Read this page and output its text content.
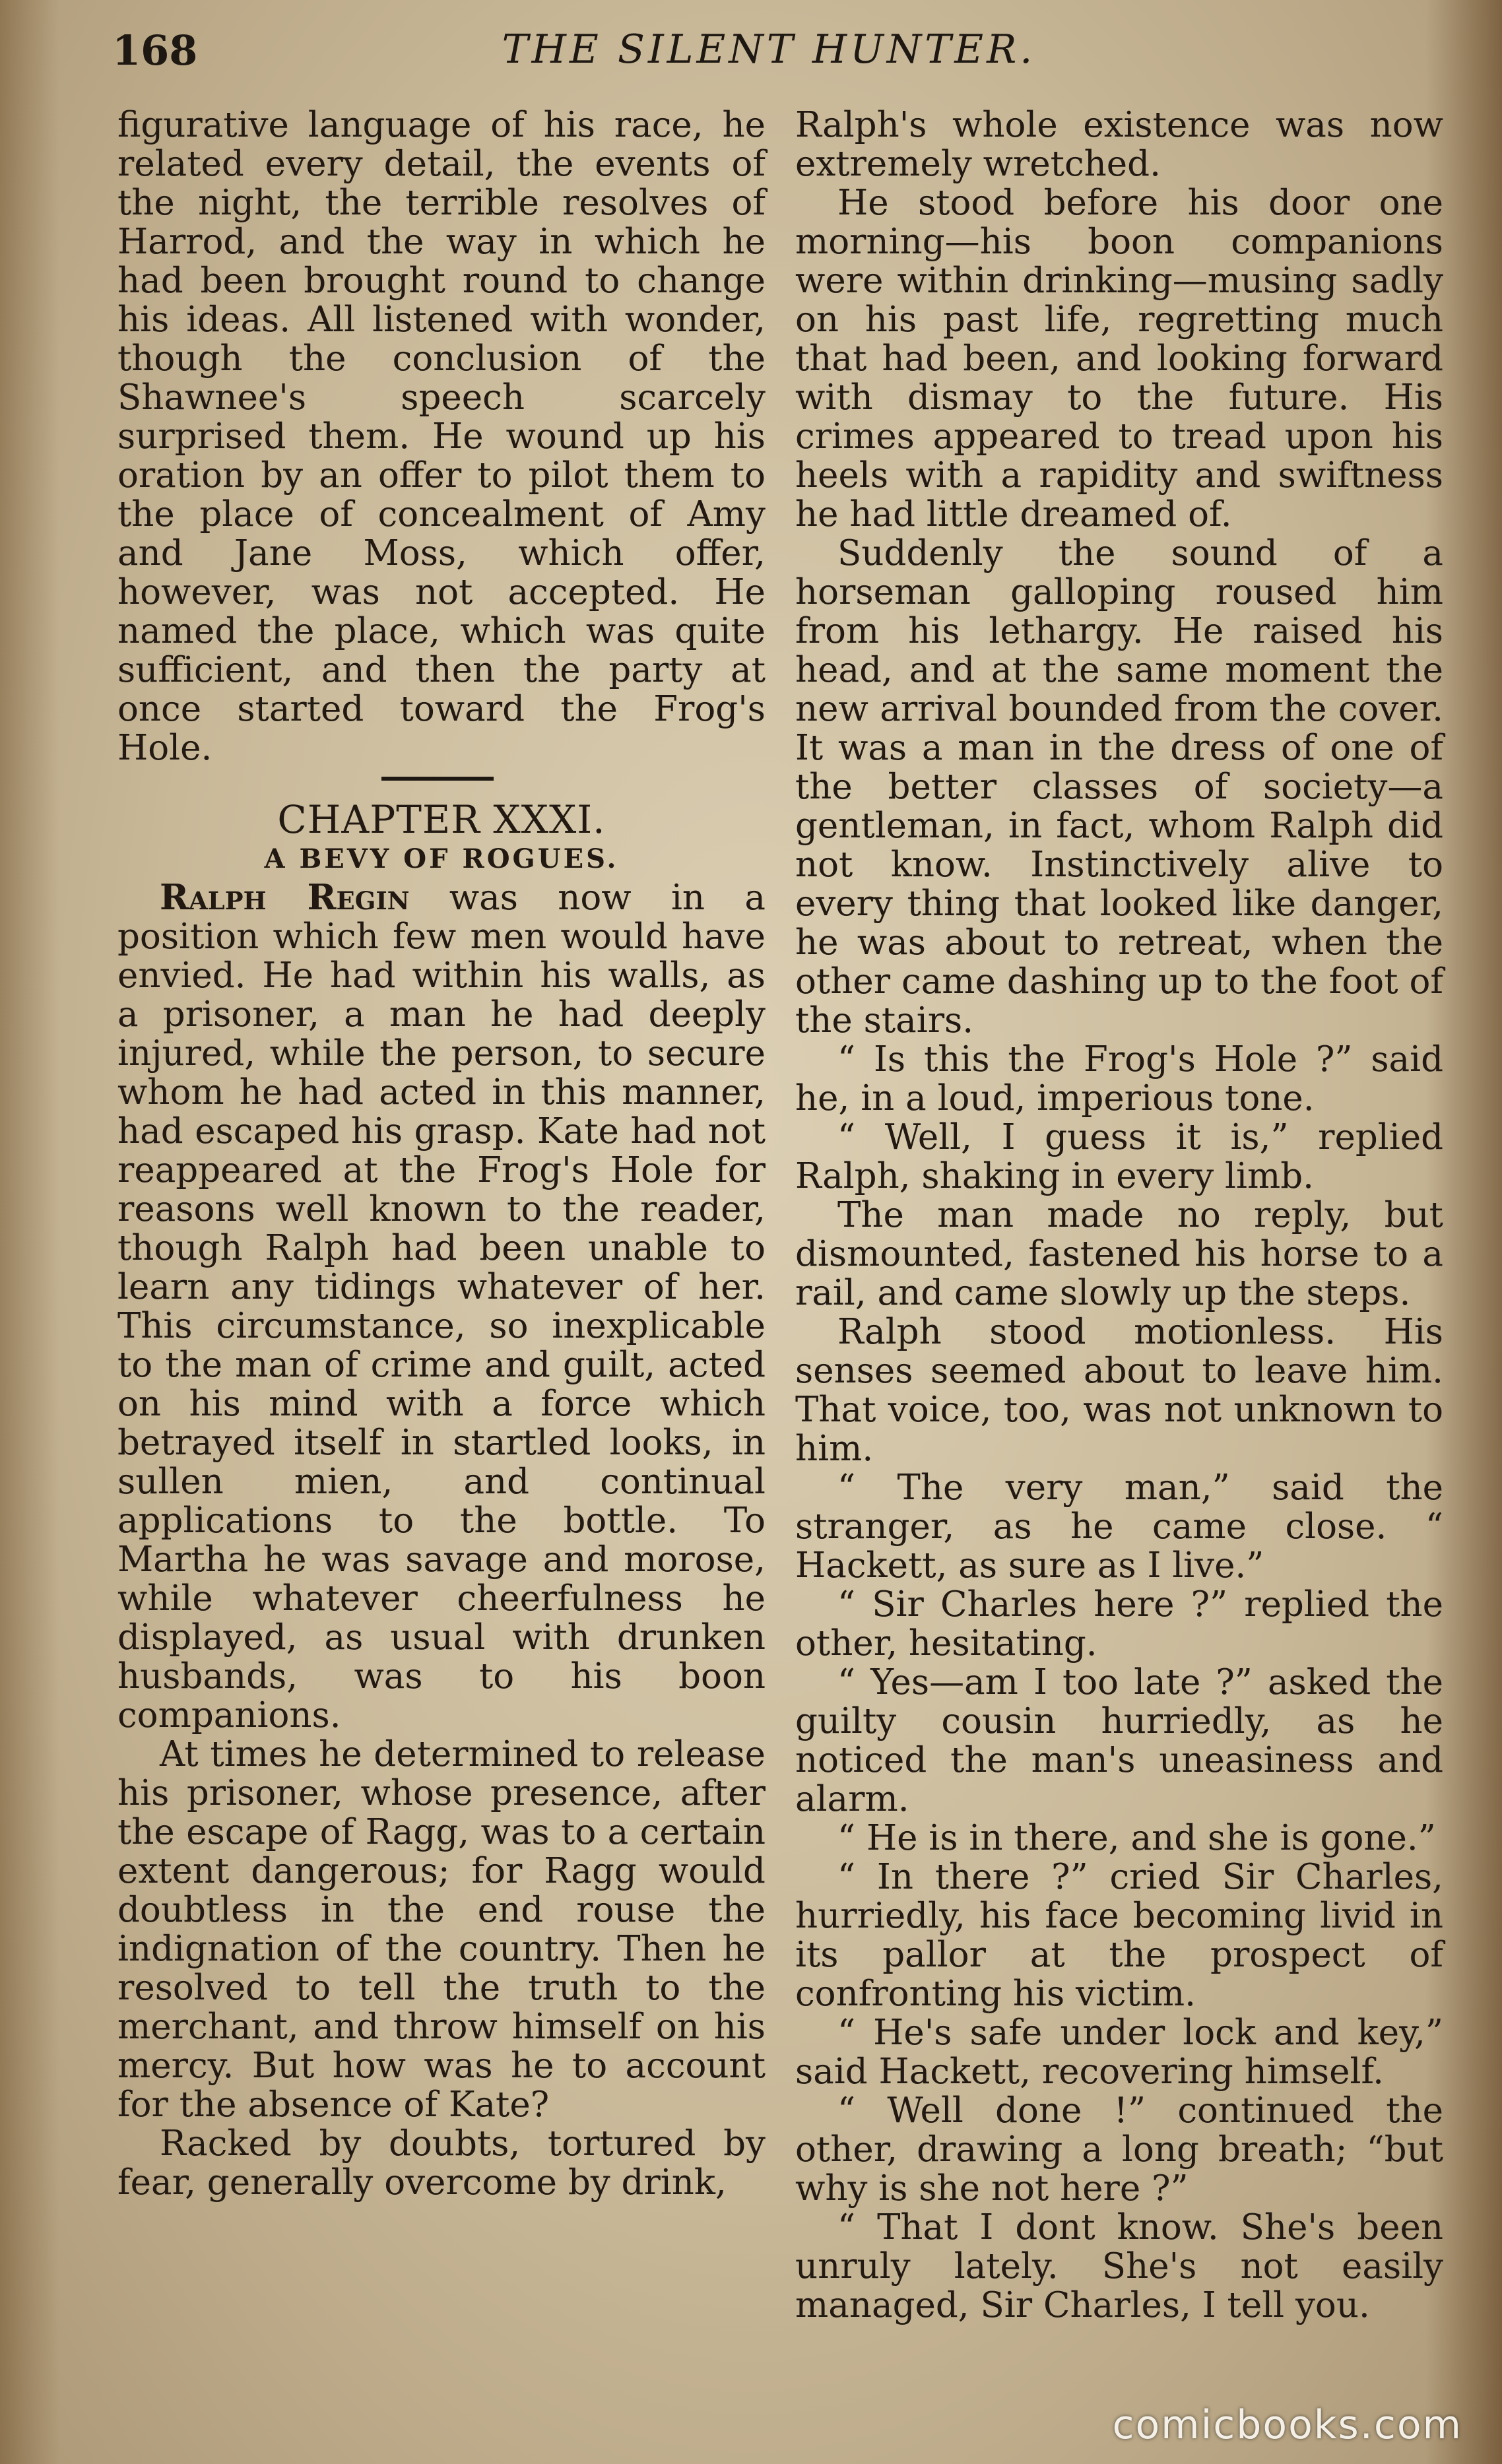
168	THE SILENT HUNTER.

figurative language of his race, he related every detail, the events of the night, the terrible resolves of Harrod, and the way in which he had been brought round to change his ideas. All listened with wonder, though the conclusion of the Shawnee's speech scarcely surprised them. He wound up his oration by an offer to pilot them to the place of concealment of Amy and Jane Moss, which offer, however, was not accepted. He named the place, which was quite sufficient, and then the party at once started toward the Frog's Hole.

CHAPTER XXXI.

A BEVY OF ROGUES.

Ralph Regin was now in a position which few men would have envied. He had within his walls, as a prisoner, a man he had deeply injured, while the person, to secure whom he had acted in this manner, had escaped his grasp. Kate had not reappeared at the Frog's Hole for reasons well known to the reader, though Ralph had been unable to learn any tidings whatever of her. This circumstance, so inexplicable to the man of crime and guilt, acted on his mind with a force which betrayed itself in startled looks, in sullen mien, and continual applications to the bottle. To Martha he was savage and morose, while whatever cheerfulness he displayed, as usual with drunken husbands, was to his boon companions.

At times he determined to release his prisoner, whose presence, after the escape of Ragg, was to a certain extent dangerous; for Ragg would doubtless in the end rouse the indignation of the country. Then he resolved to tell the truth to the merchant, and throw himself on his mercy. But how was he to account for the absence of Kate?

Racked by doubts, tortured by fear, generally overcome by drink,

Ralph's whole existence was now extremely wretched.

He stood before his door one morning—his boon companions were within drinking—musing sadly on his past life, regretting much that had been, and looking forward with dismay to the future. His crimes appeared to tread upon his heels with a rapidity and swiftness he had little dreamed of.

Suddenly the sound of a horseman galloping roused him from his lethargy. He raised his head, and at the same moment the new arrival bounded from the cover. It was a man in the dress of one of the better classes of society—a gentleman, in fact, whom Ralph did not know. Instinctively alive to every thing that looked like danger, he was about to retreat, when the other came dashing up to the foot of the stairs.

“ Is this the Frog's Hole ?” said he, in a loud, imperious tone.

“ Well, I guess it is,” replied Ralph, shaking in every limb.

The man made no reply, but dismounted, fastened his horse to a rail, and came slowly up the steps.

Ralph stood motionless. His senses seemed about to leave him. That voice, too, was not unknown to him.

“ The very man,” said the stranger, as he came close. “ Hackett, as sure as I live.”

“ Sir Charles here ?” replied the other, hesitating.

“ Yes—am I too late ?” asked the guilty cousin hurriedly, as he noticed the man's uneasiness and alarm.

“ He is in there, and she is gone.”

“ In there ?” cried Sir Charles, hurriedly, his face becoming livid in its pallor at the prospect of confronting his victim.

“ He's safe under lock and key,” said Hackett, recovering himself.

“ Well done !” continued the other, drawing a long breath; “but why is she not here ?”

“ That I dont know. She's been unruly lately. She's not easily managed, Sir Charles, I tell you.

comicbooks.com
